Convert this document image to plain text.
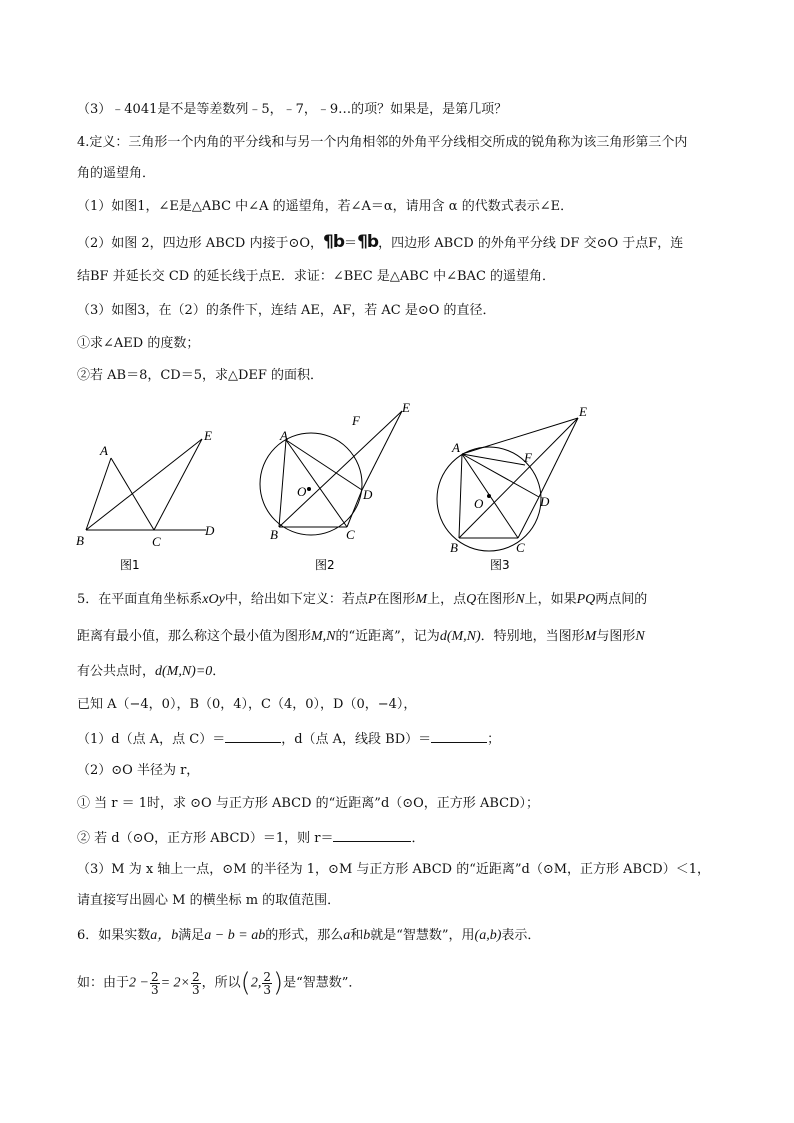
（3）﹣4041是不是等差数列﹣5，﹣7，﹣9…的项？如果是，是第几项？
4.定义：三角形一个内角的平分线和与另一个内角相邻的外角平分线相交所成的锐角称为该三角形第三个内
角的遥望角．
（1）如图1，∠E是△ABC 中∠A 的遥望角，若∠A＝α，请用含 α 的代数式表示∠E．
（2）如图 2，四边形 ABCD 内接于⊙O，¶b＝¶b，四边形 ABCD 的外角平分线 DF 交⊙O 于点F，连
结BF 并延长交 CD 的延长线于点E．求证：∠BEC 是△ABC 中∠BAC 的遥望角．
（3）如图3，在（2）的条件下，连结 AE，AF，若 AC 是⊙O 的直径．
①求∠AED 的度数；
②若 AB＝8，CD＝5，求△DEF 的面积．
A
B	C
D
E
图1
A
B	C
D
E
F
O
图2
A
B	C
D
E
F
O
图3
5．在平面直角坐标系xOy中，给出如下定义：若点P在图形M上，点Q在图形N上，如果PQ两点间的
距离有最小值，那么称这个最小值为图形M,N的“近距离”，记为d(M,N)．特别地，当图形M与图形N
有公共点时，d(M,N)=0．
已知 A（−4，0），B（0，4），C（4，0），D（0，−4），
（1）d（点 A，点 C）＝	，d（点 A，线段 BD）＝	；
（2）⊙O 半径为 r，
① 当 r ＝ 1时，求 ⊙O 与正方形 ABCD 的“近距离”d（⊙O，正方形 ABCD）；
② 若 d（⊙O，正方形 ABCD）＝1，则 r＝	．
（3）M 为 x 轴上一点，⊙M 的半径为 1，⊙M 与正方形 ABCD 的“近距离”d（⊙M，正方形 ABCD）＜1，
请直接写出圆心 M 的横坐标 m 的取值范围．
6．如果实数a，b满足a − b = ab的形式，那么a和b就是“智慧数”，用(a,b)表示．
如：由于$2 - \frac{2}{3} = 2\times \frac{2}{3}$ ，所以(2, $\frac{2}{3}$ )是“智慧数”．
